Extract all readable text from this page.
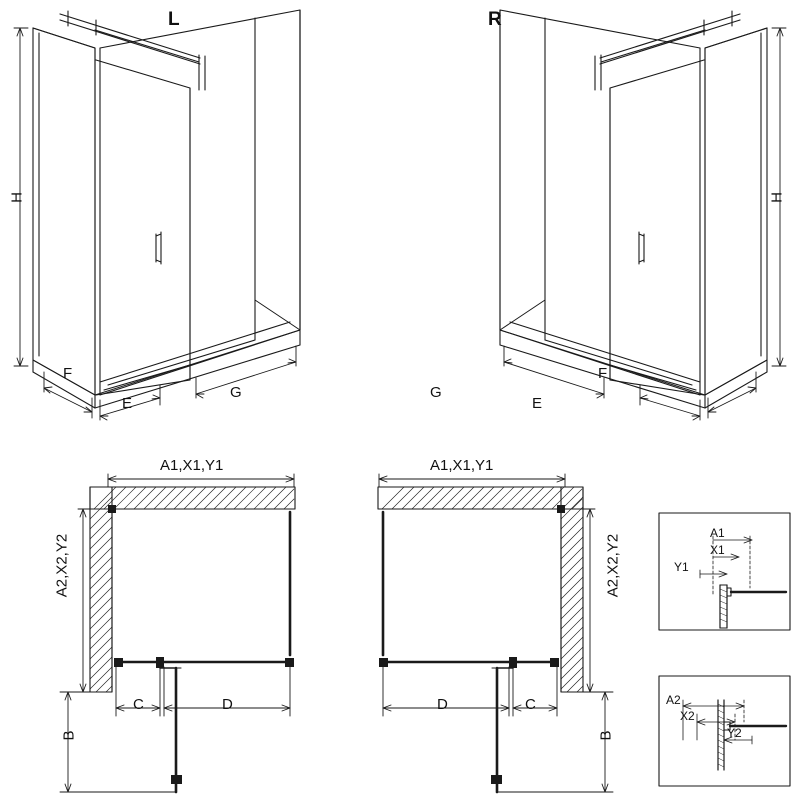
L	R
H	H
F
E
G	G
E
F
A1,X1,Y1
A2,X2,Y2
C	D
B
A1,X1,Y1
A2,X2,Y2
D	C
B
A1
X1
Y1
A2
X2
Y2
